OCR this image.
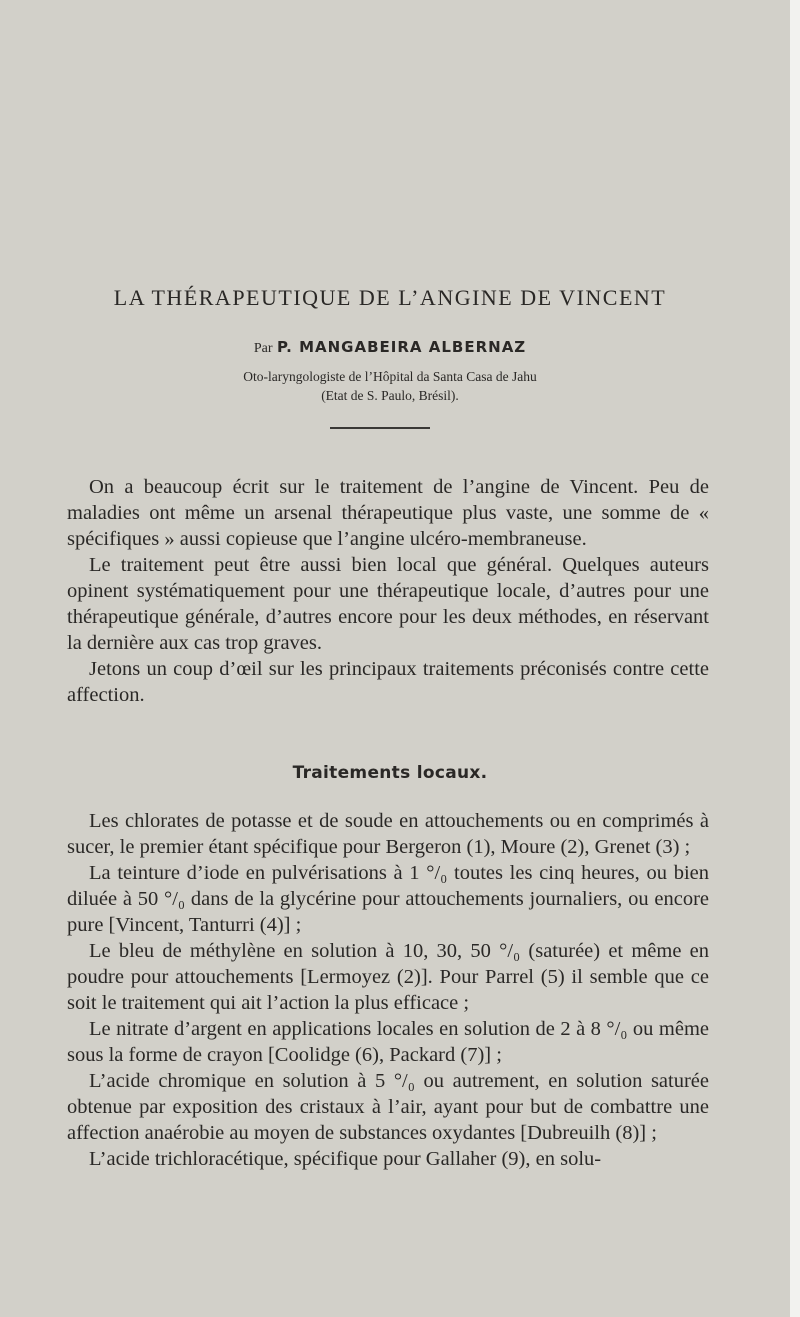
LA THÉRAPEUTIQUE DE L’ANGINE DE VINCENT
Par P. MANGABEIRA ALBERNAZ
Oto-laryngologiste de l’Hôpital da Santa Casa de Jahu
(Etat de S. Paulo, Brésil).

On a beaucoup écrit sur le traitement de l’angine de Vincent. Peu de maladies ont même un arsenal thérapeutique plus vaste, une somme de « spécifiques » aussi copieuse que l’angine ulcéro-membraneuse.

Le traitement peut être aussi bien local que général. Quelques auteurs opinent systématiquement pour une thérapeutique locale, d’autres pour une thérapeutique générale, d’autres encore pour les deux méthodes, en réservant la dernière aux cas trop graves.

Jetons un coup d’œil sur les principaux traitements préconisés contre cette affection.

Traitements locaux.

Les chlorates de potasse et de soude en attouchements ou en comprimés à sucer, le premier étant spécifique pour Bergeron (1), Moure (2), Grenet (3) ;

La teinture d’iode en pulvérisations à 1 °/₀ toutes les cinq heures, ou bien diluée à 50 °/₀ dans de la glycérine pour attouchements journaliers, ou encore pure [Vincent, Tanturri (4)] ;

Le bleu de méthylène en solution à 10, 30, 50 °/₀ (saturée) et même en poudre pour attouchements [Lermoyez (2)]. Pour Parrel (5) il semble que ce soit le traitement qui ait l’action la plus efficace ;

Le nitrate d’argent en applications locales en solution de 2 à 8 °/₀ ou même sous la forme de crayon [Coolidge (6), Packard (7)] ;

L’acide chromique en solution à 5 °/₀ ou autrement, en solution saturée obtenue par exposition des cristaux à l’air, ayant pour but de combattre une affection anaérobie au moyen de substances oxydantes [Dubreuilh (8)] ;

L’acide trichloracétique, spécifique pour Gallaher (9), en solu-
